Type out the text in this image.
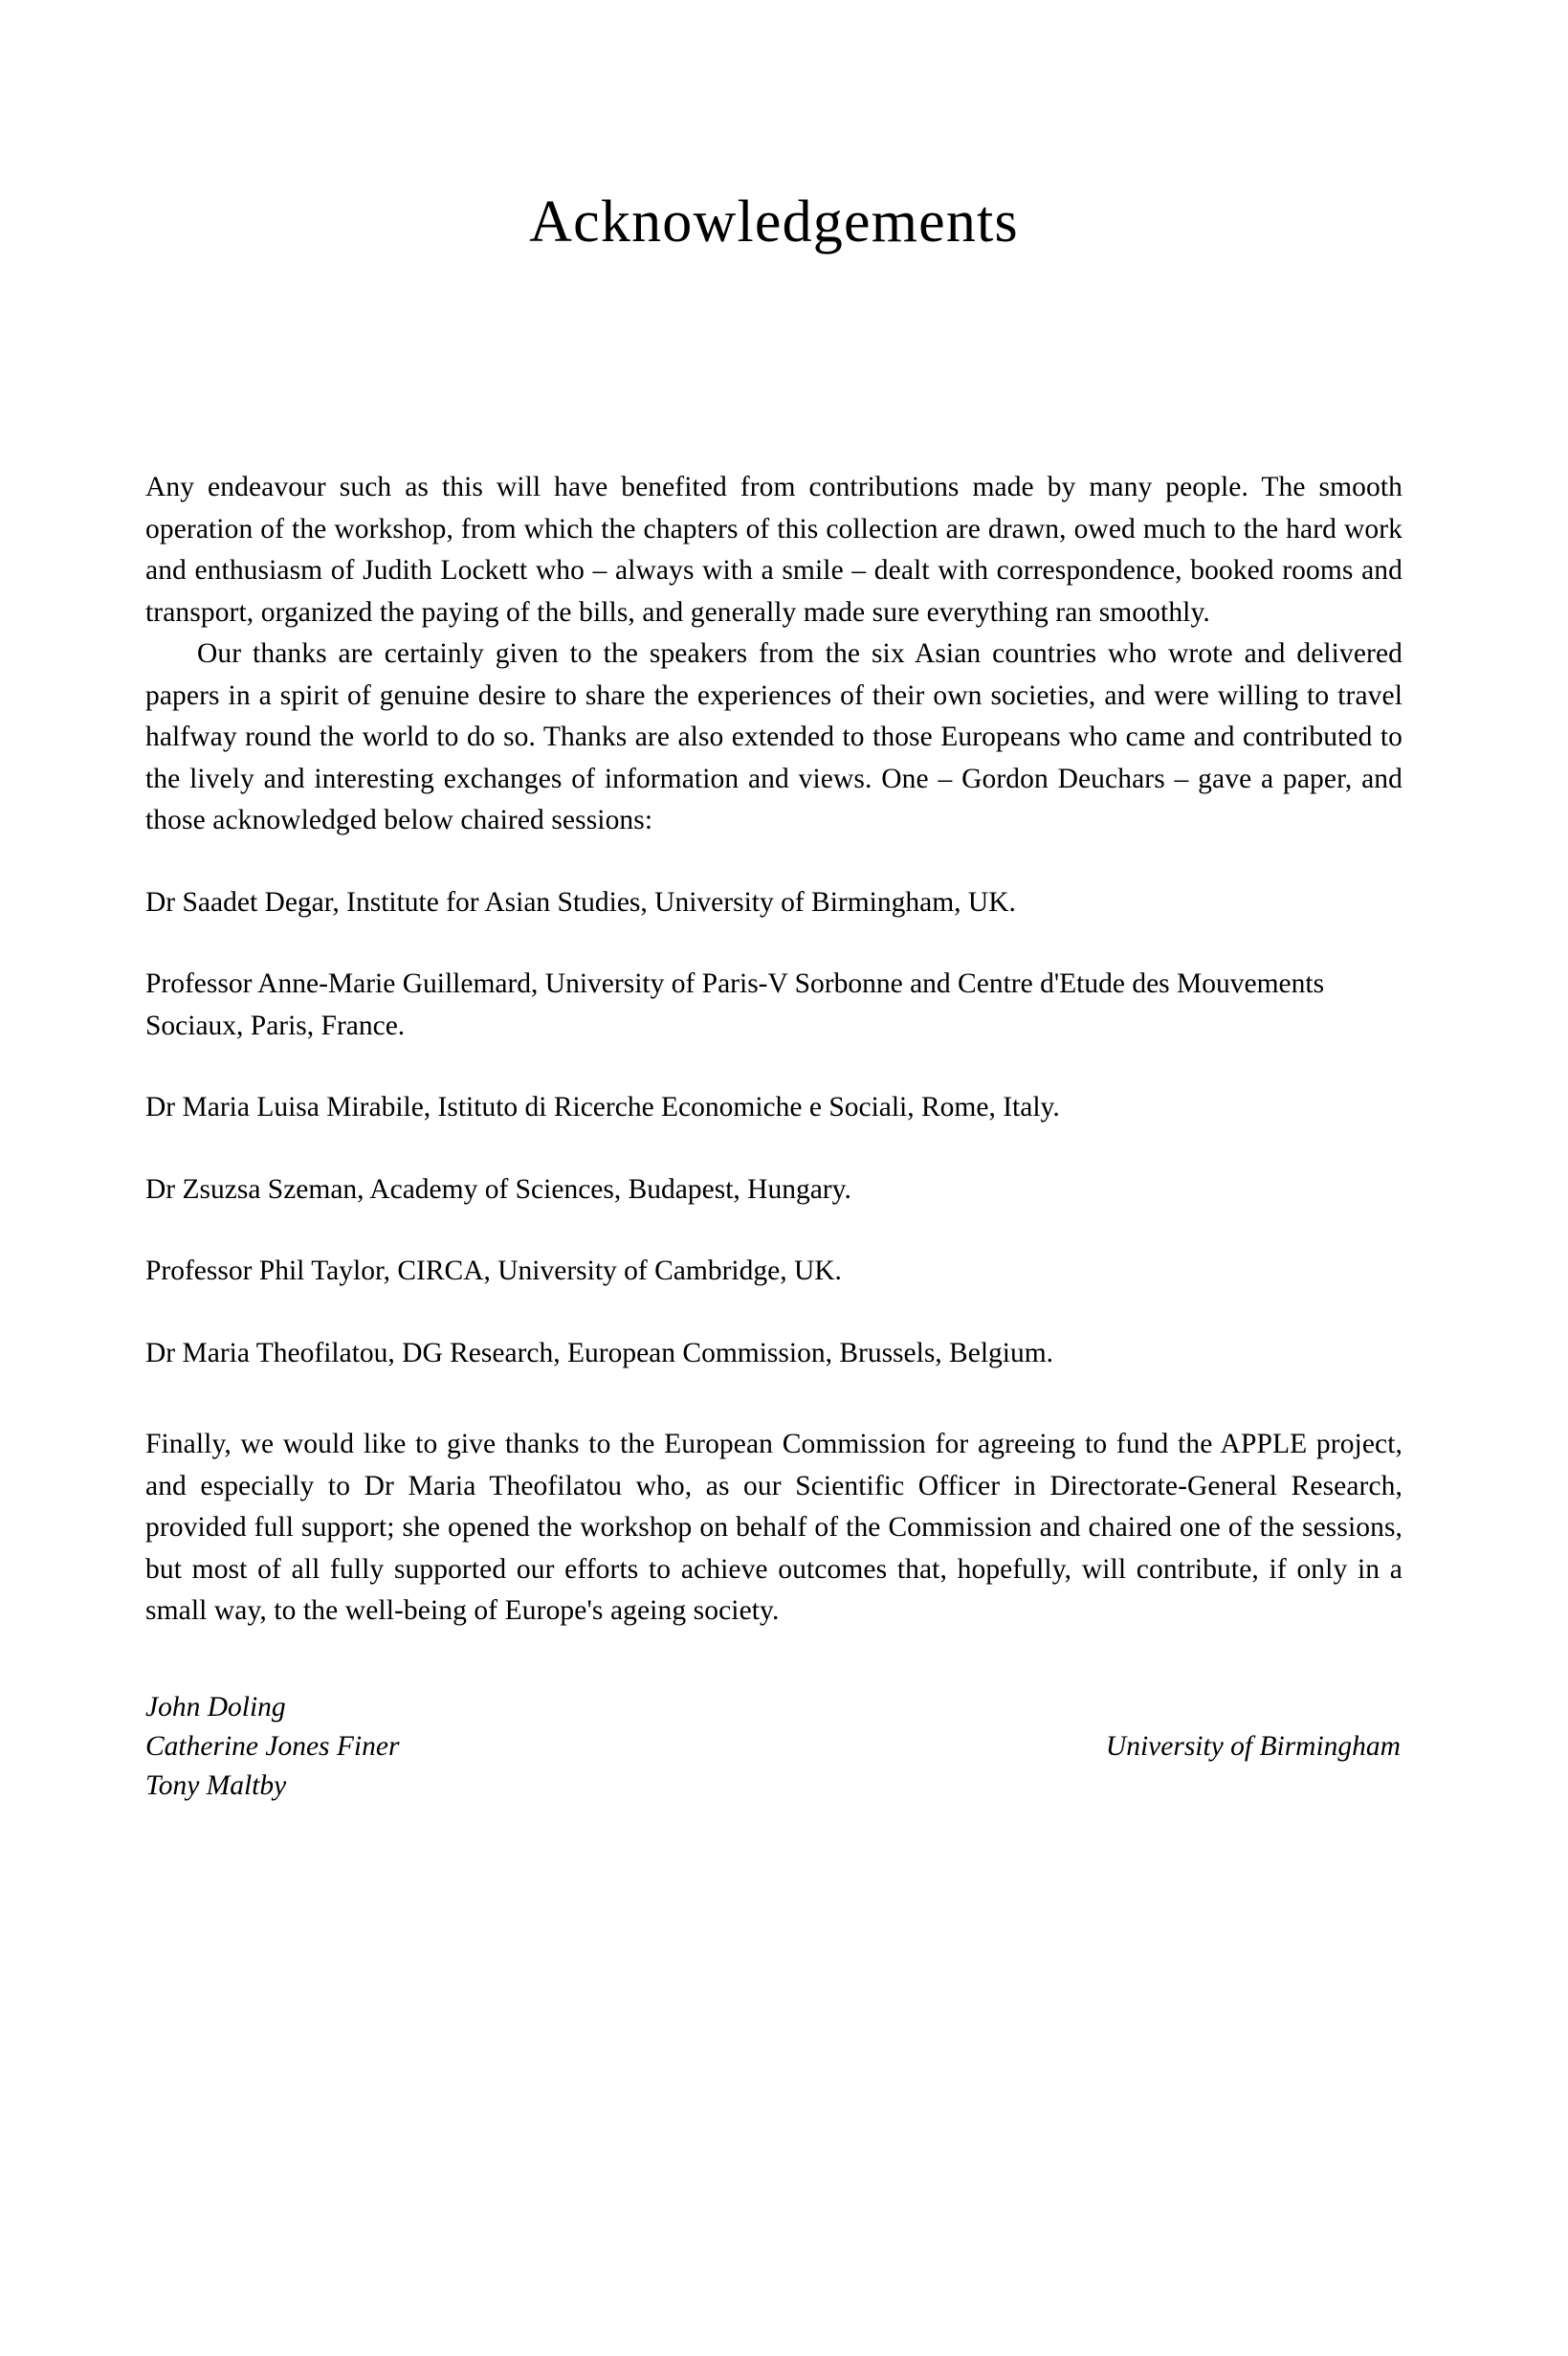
Acknowledgements

Any endeavour such as this will have benefited from contributions made by many people. The smooth operation of the workshop, from which the chapters of this collection are drawn, owed much to the hard work and enthusiasm of Judith Lockett who – always with a smile – dealt with correspondence, booked rooms and transport, organized the paying of the bills, and generally made sure everything ran smoothly.

Our thanks are certainly given to the speakers from the six Asian countries who wrote and delivered papers in a spirit of genuine desire to share the experiences of their own societies, and were willing to travel halfway round the world to do so. Thanks are also extended to those Europeans who came and contributed to the lively and interesting exchanges of information and views. One – Gordon Deuchars – gave a paper, and those acknowledged below chaired sessions:

Dr Saadet Degar, Institute for Asian Studies, University of Birmingham, UK.

Professor Anne-Marie Guillemard, University of Paris-V Sorbonne and Centre d'Etude des Mouvements Sociaux, Paris, France.

Dr Maria Luisa Mirabile, Istituto di Ricerche Economiche e Sociali, Rome, Italy.

Dr Zsuzsa Szeman, Academy of Sciences, Budapest, Hungary.

Professor Phil Taylor, CIRCA, University of Cambridge, UK.

Dr Maria Theofilatou, DG Research, European Commission, Brussels, Belgium.

Finally, we would like to give thanks to the European Commission for agreeing to fund the APPLE project, and especially to Dr Maria Theofilatou who, as our Scientific Officer in Directorate-General Research, provided full support; she opened the workshop on behalf of the Commission and chaired one of the sessions, but most of all fully supported our efforts to achieve outcomes that, hopefully, will contribute, if only in a small way, to the well-being of Europe's ageing society.

John Doling
Catherine Jones Finer
Tony Maltby
University of Birmingham
